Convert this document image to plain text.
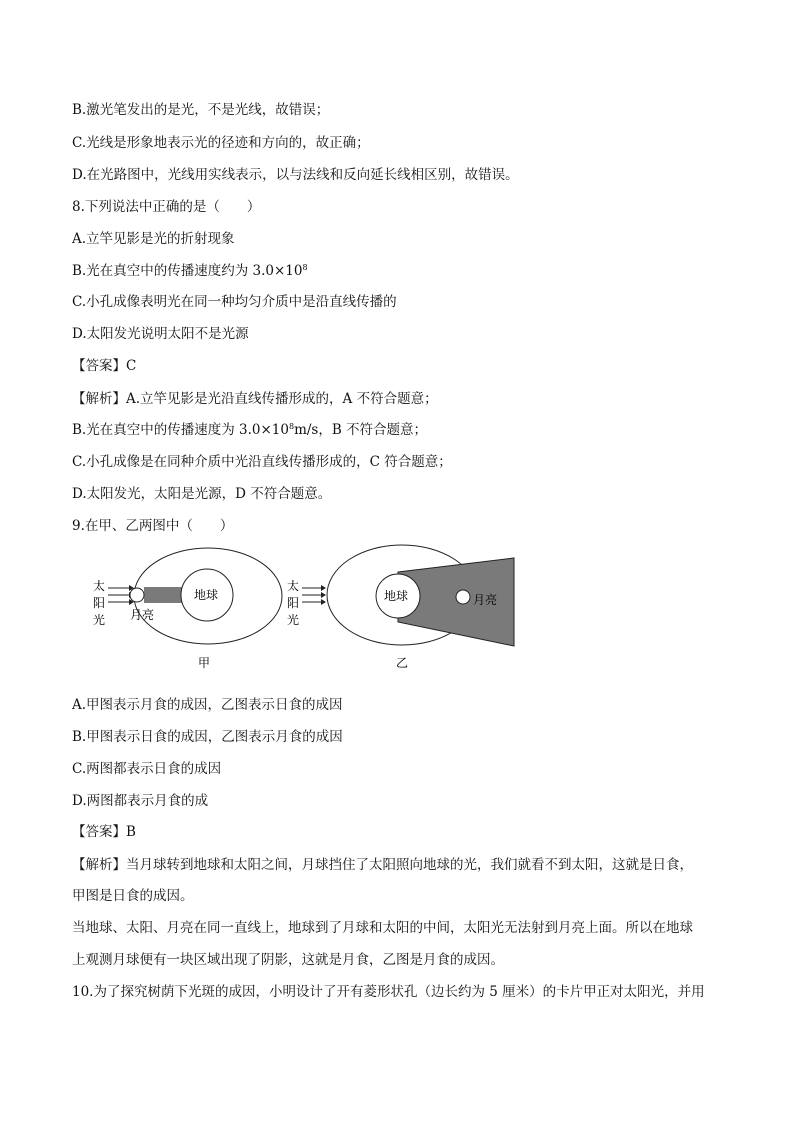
B.激光笔发出的是光，不是光线，故错误；
C.光线是形象地表示光的径迹和方向的，故正确；
D.在光路图中，光线用实线表示，以与法线和反向延长线相区别，故错误。
8.下列说法中正确的是（　　）
A.立竿见影是光的折射现象
B.光在真空中的传播速度约为 $3.0\times 10^8$
C.小孔成像表明光在同一种均匀介质中是沿直线传播的
D.太阳发光说明太阳不是光源
【答案】C
【解析】A.立竿见影是光沿直线传播形成的，A 不符合题意；
B.光在真空中的传播速度为 $3.0\times 10^8m/s$，B 不符合题意；
C.小孔成像是在同种介质中光沿直线传播形成的，C 符合题意；
D.太阳发光，太阳是光源，D 不符合题意。
9.在甲、乙两图中（　　）
太
阳
光
地球
月亮
甲
太
阳
光
地球	月亮
乙
A.甲图表示月食的成因，乙图表示日食的成因
B.甲图表示日食的成因，乙图表示月食的成因
C.两图都表示日食的成因
D.两图都表示月食的成
【答案】B
【解析】当月球转到地球和太阳之间，月球挡住了太阳照向地球的光，我们就看不到太阳，这就是日食，
甲图是日食的成因。
当地球、太阳、月亮在同一直线上，地球到了月球和太阳的中间，太阳光无法射到月亮上面。所以在地球
上观测月球便有一块区域出现了阴影，这就是月食，乙图是月食的成因。
10.为了探究树荫下光斑的成因，小明设计了开有菱形状孔（边长约为 5 厘米）的卡片甲正对太阳光，并用
